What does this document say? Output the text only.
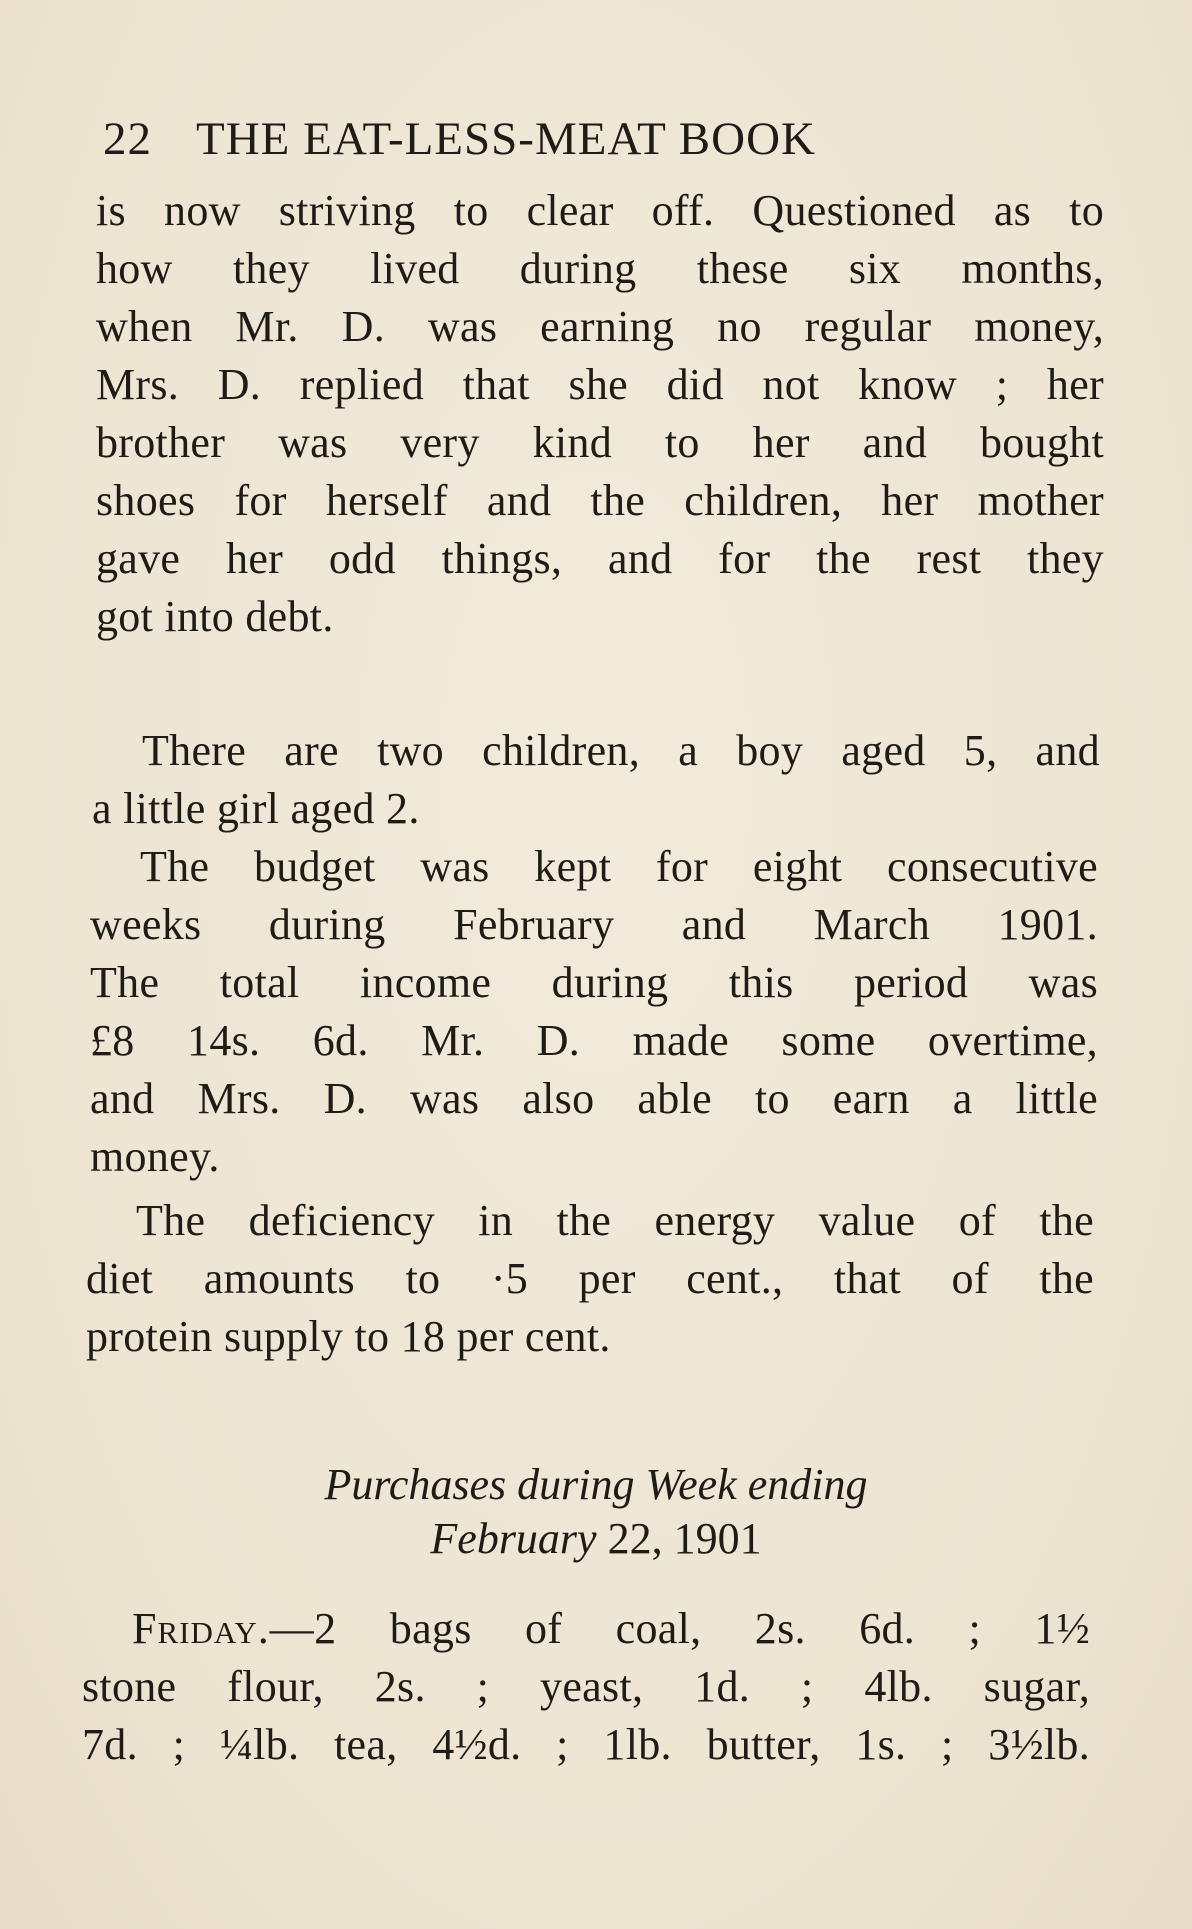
22 THE EAT-LESS-MEAT BOOK
is now striving to clear off. Questioned as to
how they lived during these six months,
when Mr. D. was earning no regular money,
Mrs. D. replied that she did not know ; her
brother was very kind to her and bought
shoes for herself and the children, her mother
gave her odd things, and for the rest they
got into debt.
There are two children, a boy aged 5, and
a little girl aged 2.
The budget was kept for eight consecutive
weeks during February and March 1901.
The total income during this period was
£8 14s. 6d. Mr. D. made some overtime,
and Mrs. D. was also able to earn a little
money.
The deficiency in the energy value of the
diet amounts to ·5 per cent., that of the
protein supply to 18 per cent.
Purchases during Week ending
February 22, 1901
Friday.—2 bags of coal, 2s. 6d. ; 1½
stone flour, 2s. ; yeast, 1d. ; 4lb. sugar,
7d. ; ¼lb. tea, 4½d. ; 1lb. butter, 1s. ; 3½lb.
